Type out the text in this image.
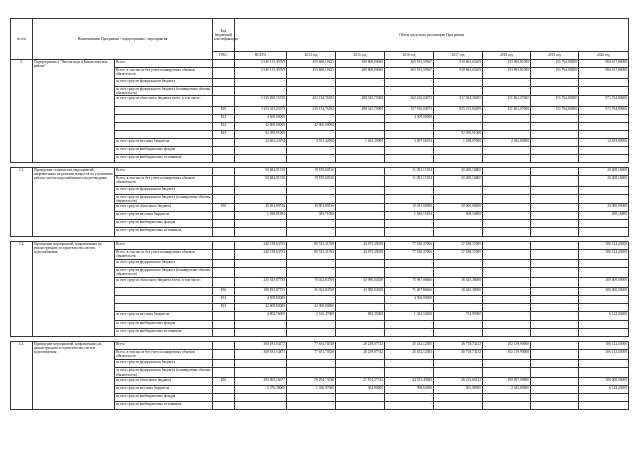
№ п/п	Наименование Программы / подпрограммы / мероприятия		Код бюджетной классификации	Объем средств на реализацию Программы							
			ГРБС	ВСЕГО	2014 год	2015 год	2016 год	2017 год	2018 год	2019 год	2020 год
2.	Подпрограмма 2 "Чистая вода в Кингисеппском районе"	Всего		3 540 155,39769	455 666,10123	289 808,00000	365 913,59367	910 663,65209	253 983,81000	151 764,80000	984 417,80000
		Всего, в том числе без учета планируемых объемов обязательств		3 540 155,39769	455 666,10123	289 808,00000	365 913,59367	910 663,65209	253 983,81000	151 764,80000	984 417,80000
		за счет средств федерального бюджета		-	-	-	-	-	-	-	-
		за счет средств федерального бюджета (планируемые объемы обязательств)		-	-	-	-	-	-	-	-
		за счет средств областного бюджета всего, в том числе:		3 335 490,15535	452 134,76183	288 345,75000	362 416,03073	917 394,38295	251 861,07000	151 764,80000	971 764,80000
			810	3 253 411,23575	410 134,76183	288 345,75000	357 916,03073	835 155,84299	251 861,07000	151 764,80000	971 764,80000
			812	4 500,00000	-	-	4 500,00000	-	-	-	-
			822	42 000,00000	42 000,00000	-	-	-	-	-	-
			843	92 050,91000	-	-	-	92 050,91000	-	-	-
		за счет средств местных бюджетов		24 665,24194	3 531,42000	1 462,35000	3 497,56194	1 458,07000	2 042,80000	-	12 653,00000
		за счет средств внебюджетных фондов		-	-	-	-	-	-	-	-
		за счет средств внебюджетных источников		-	-	-	-	-	-	-	-

2.1.	Проведение технических мероприятий, направленных на решение вопросов по улучшению работы систем водоснабжения и водоотведения	Всего		50 684,91510	19 185,60516	-	11 091,15194	20 408,16800	-	-	20 408,16800
		Всего, в том числе без учета планируемых объемов обязательств		50 684,91510	19 185,60516	-	11 091,15194	20 408,16800	-	-	20 408,16800
		за счет средств федерального бюджета		-	-	-	-	-	-	-	-
		за счет средств федерального бюджета (планируемые объемы обязательств)		-	-	-	-	-	-	-	-
		за счет средств областного бюджета	810	48 854,89516	18 801,89516	-	10 053,00000	20 000,00000	-	-	20 000,00000
		за счет средств местных бюджетов		1 830,01994	383,71000	-	1 038,15194	408,16800	-	-	408,16800
		за счет средств внебюджетных фондов		-	-	-	-	-	-	-	-
		за счет средств внебюджетных источников		-	-	-	-	-	-	-	-

2.2.	Проведение мероприятий, направленных на реконструкцию и строительство систем водоснабжения	Всего		240 138,63753	80 533,31769	44 875,39358	77 330,37066	37 180,37000	-	-	306 122,45000
		Всего, в том числе без учета планируемых объемов обязательств		240 138,63753	80 533,31769	44 875,39358	77 330,37066	37 180,37000	-	-	306 122,45000
		за счет средств федерального бюджета		-	-	-	-	-	-	-	-
		за счет средств федерального бюджета (планируемые объемы обязательств)		-	-	-	-	-	-	-	-
		за счет средств областного бюджета всего, в том числе:		235 335,87753	78 022,84769	43 980,04358	75 987,86666	36 445,38000	-	-	300 000,00000
			810	188 835,87753	36 022,84769	43 980,04358	71 487,86666	36 445,38000	-	-	300 000,00000
			812	4 500,00000	-	-	4 500,00000	-	-	-	-
			822	42 000,00000	42 000,00000	-	-	-	-	-	-
		за счет средств местных бюджетов		4 802,76000	2 510,47000	895,35000	1 342,50400	734,99000	-	-	6 122,45000
		за счет средств внебюджетных фондов		-	-	-	-	-	-	-	-
		за счет средств внебюджетных источников		-	-	-	-	-	-	-	-

2.3.	Проведение мероприятий, направленных на реконструкцию и строительство систем водоотведения	Всего		300 181,54477	77 651,70338	28 239,07742	45 432,12385	46 718,74212	102 139,90000	-	306 122,45000
		Всего, в том числе без учета планируемых объемов обязательств		300 181,54477	77 651,70338	28 239,07742	45 432,12385	46 718,74212	102 139,90000	-	306 122,45000
		за счет средств федерального бюджета		-	-	-	-	-	-	-	-
		за счет средств федерального бюджета (планируемые объемы обязательств)		-	-	-	-	-	-	-	-
		за счет средств областного бюджета	810	294 805,16677	76 294,73338	27 874,27742	44 523,49385	46 213,66212	100 097,00000	-	300 000,00000
		за счет средств местных бюджетов		5 376,38000	1 356,97000	364,80000	908,63000	505,08000	2 042,80000	-	6 122,45000
		за счет средств внебюджетных фондов		-	-	-	-	-	-	-	-
		за счет средств внебюджетных источников		-	-	-	-	-	-	-	-
